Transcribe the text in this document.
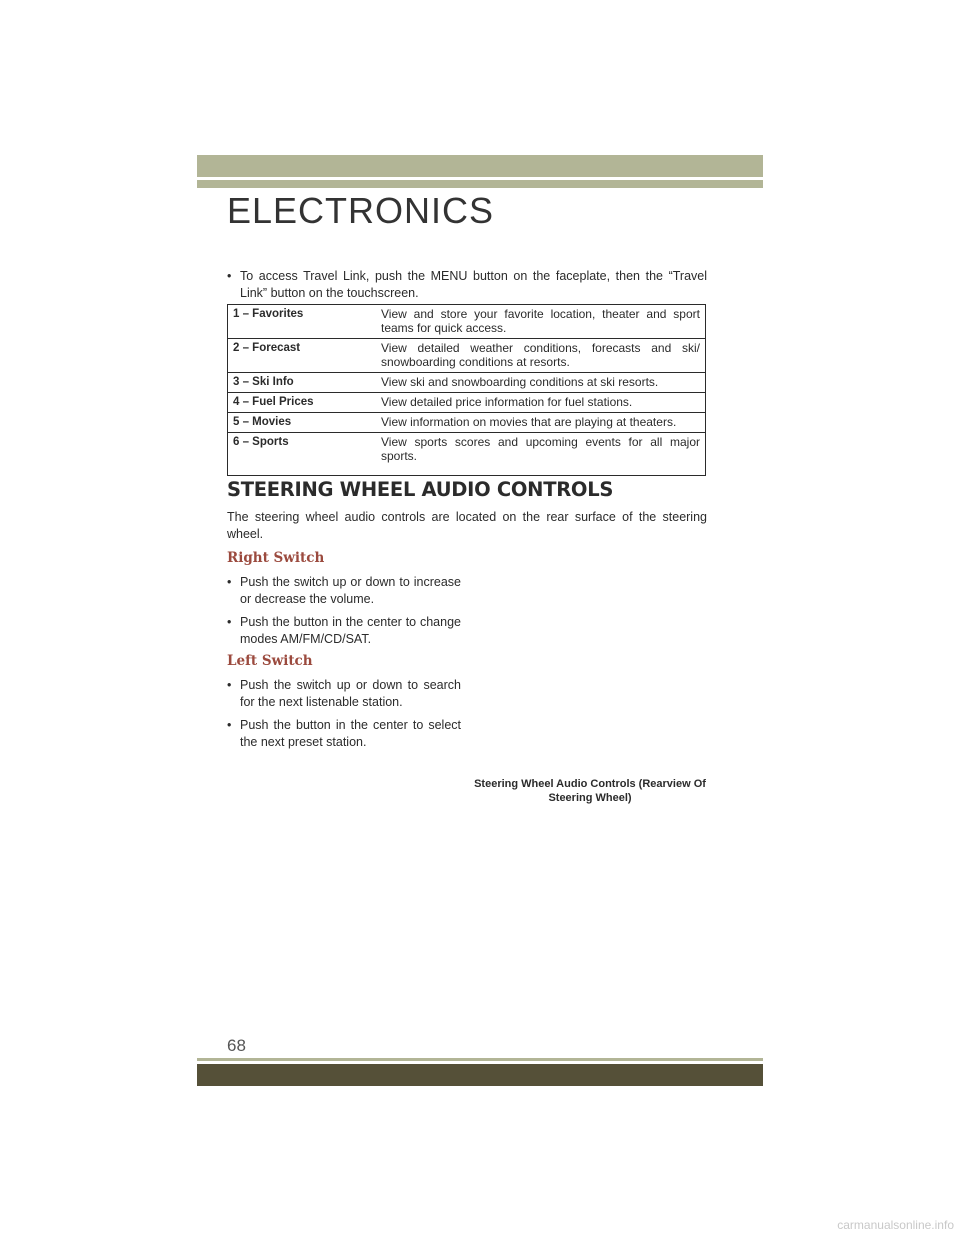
ELECTRONICS
• To access Travel Link, push the MENU button on the faceplate, then the “Travel Link” button on the touchscreen.
1 – Favorites	View and store your favorite location, theater and sport teams for quick access.
2 – Forecast	View detailed weather conditions, forecasts and ski/ snowboarding conditions at resorts.
3 – Ski Info	View ski and snowboarding conditions at ski resorts.
4 – Fuel Prices	View detailed price information for fuel stations.
5 – Movies	View information on movies that are playing at theaters.
6 – Sports	View sports scores and upcoming events for all major sports.
STEERING WHEEL AUDIO CONTROLS
The steering wheel audio controls are located on the rear surface of the steering wheel.
Right Switch
• Push the switch up or down to increase or decrease the volume.
• Push the button in the center to change modes AM/FM/CD/SAT.
Left Switch
• Push the switch up or down to search for the next listenable station.
• Push the button in the center to select the next preset station.
Steering Wheel Audio Controls (Rearview Of Steering Wheel)
68
carmanualsonline.info
